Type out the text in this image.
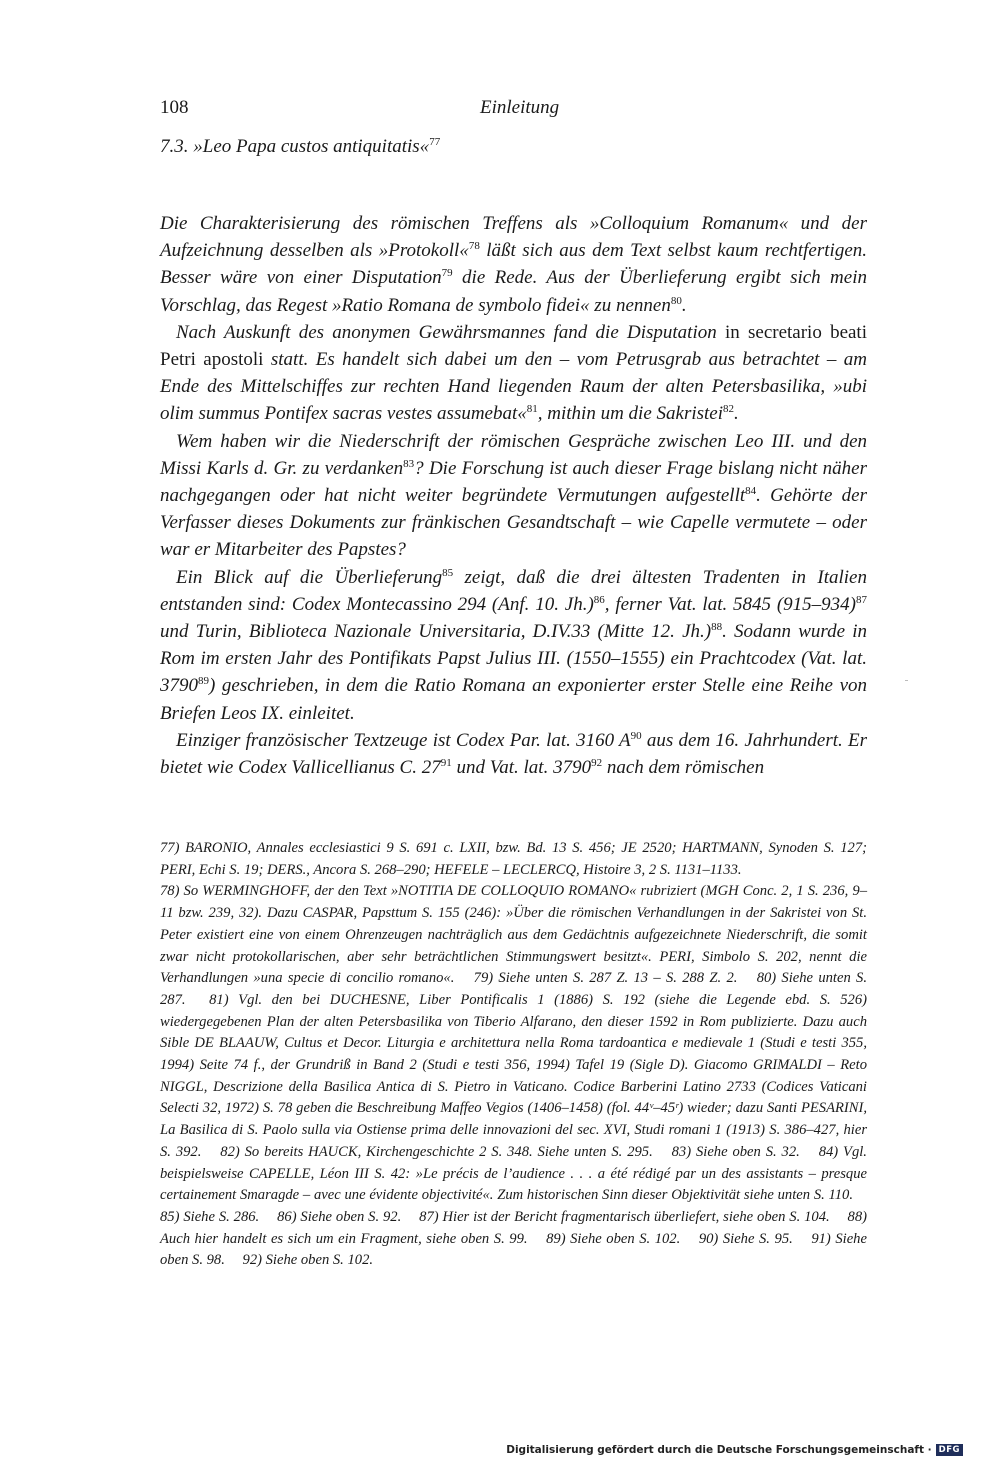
108	Einleitung
7.3. »Leo Papa custos antiquitatis«$^{77}$

Die Charakterisierung des römischen Treffens als »Colloquium Romanum« und der Aufzeichnung desselben als »Protokoll«$^{78}$ läßt sich aus dem Text selbst kaum rechtfertigen. Besser wäre von einer Disputation$^{79}$ die Rede. Aus der Überlieferung ergibt sich mein Vorschlag, das Regest »Ratio Romana de symbolo fidei« zu nennen$^{80}$.

Nach Auskunft des anonymen Gewährsmannes fand die Disputation in secretario beati Petri apostoli statt. Es handelt sich dabei um den – vom Petrusgrab aus betrachtet – am Ende des Mittelschiffes zur rechten Hand liegenden Raum der alten Petersbasilika, »ubi olim summus Pontifex sacras vestes assumebat«$^{81}$, mithin um die Sakristei$^{82}$.

Wem haben wir die Niederschrift der römischen Gespräche zwischen Leo III. und den Missi Karls d. Gr. zu verdanken$^{83}$? Die Forschung ist auch dieser Frage bislang nicht näher nachgegangen oder hat nicht weiter begründete Vermutungen aufgestellt$^{84}$. Gehörte der Verfasser dieses Dokuments zur fränkischen Gesandtschaft – wie Capelle vermutete – oder war er Mitarbeiter des Papstes?

Ein Blick auf die Überlieferung$^{85}$ zeigt, daß die drei ältesten Tradenten in Italien entstanden sind: Codex Montecassino 294 (Anf. 10. Jh.)$^{86}$, ferner Vat. lat. 5845 $(915-934)^{87}$ und Turin, Biblioteca Nazionale Universitaria, D.IV.33 (Mitte 12. Jh.)$^{88}$. Sodann wurde in Rom im ersten Jahr des Pontifikats Papst Julius III. (1550–1555) ein Prachtcodex (Vat. lat. 3790$^{89}$) geschrieben, in dem die Ratio Romana an exponierter erster Stelle eine Reihe von Briefen Leos IX. einleitet.

Einziger französischer Textzeuge ist Codex Par. lat. 3160 $A^{90}$ aus dem 16. Jahrhundert. Er bietet wie Codex Vallicellianus C. $27^{91}$ und Vat. lat. 3790$^{92}$ nach dem römischen

77) BARONIO, Annales ecclesiastici 9 S. 691 c. LXII, bzw. Bd. 13 S. 456; JE 2520; HARTMANN, Synoden S. 127; PERI, Echi S. 19; DERS., Ancora S. 268–290; HEFELE – LECLERCQ, Histoire 3, 2 S. 1131–1133.

78) So WERMINGHOFF, der den Text »NOTITIA DE COLLOQUIO ROMANO« rubriziert (MGH Conc. 2, 1 S. 236, 9–11 bzw. 239, 32). Dazu CASPAR, Papsttum S. 155 (246): »Über die römischen Verhandlungen in der Sakristei von St. Peter existiert eine von einem Ohrenzeugen nachträglich aus dem Gedächtnis aufgezeichnete Niederschrift, die somit zwar nicht protokollarischen, aber sehr beträchtlichen Stimmungswert besitzt«. PERI, Simbolo S. 202, nennt die Verhandlungen »una specie di concilio romano«. 79) Siehe unten S. 287 Z. 13 – S. 288 Z. 2. 80) Siehe unten S. 287. 81) Vgl. den bei DUCHESNE, Liber Pontificalis 1 (1886) S. 192 (siehe die Legende ebd. S. 526) wiedergegebenen Plan der alten Petersbasilika von Tiberio Alfarano, den dieser 1592 in Rom publizierte. Dazu auch Sible DE BLAAUW, Cultus et Decor. Liturgia e architettura nella Roma tardoantica e medievale 1 (Studi e testi 355, 1994) Seite 74 f., der Grundriß in Band 2 (Studi e testi 356, 1994) Tafel 19 (Sigle D). Giacomo GRIMALDI – Reto NIGGL, Descrizione della Basilica Antica di S. Pietro in Vaticano. Codice Barberini Latino 2733 (Codices Vaticani Selecti 32, 1972) S. 78 geben die Beschreibung Maffeo Vegios (1406–1458) (fol. 44ᵛ–45ʳ) wieder; dazu Santi PESARINI, La Basilica di S. Paolo sulla via Ostiense prima delle innovazioni del sec. XVI, Studi romani 1 (1913) S. 386–427, hier S. 392. 82) So bereits HAUCK, Kirchengeschichte 2 S. 348. Siehe unten S. 295. 83) Siehe oben S. 32. 84) Vgl. beispielsweise CAPELLE, Léon III S. 42: »Le précis de l’audience . . . a été rédigé par un des assistants – presque certainement Smaragde – avec une évidente objectivité«. Zum historischen Sinn dieser Objektivität siehe unten S. 110. 85) Siehe S. 286. 86) Siehe oben S. 92. 87) Hier ist der Bericht fragmentarisch überliefert, siehe oben S. 104. 88) Auch hier handelt es sich um ein Fragment, siehe oben S. 99. 89) Siehe oben S. 102. 90) Siehe S. 95. 91) Siehe oben S. 98. 92) Siehe oben S. 102.

Digitalisierung gefördert durch die Deutsche Forschungsgemeinschaft · DFG
